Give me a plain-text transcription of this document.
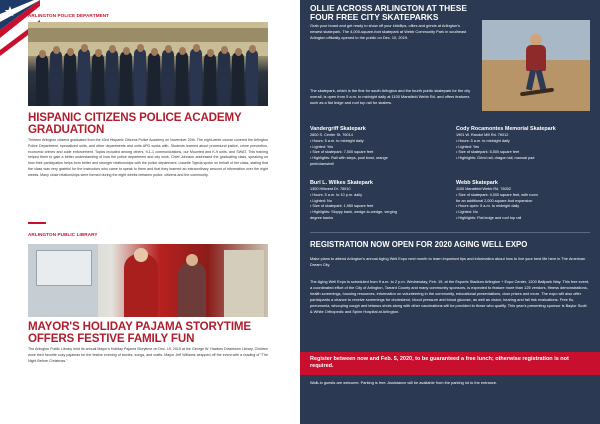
ARLINGTON POLICE DEPARTMENT
HISPANIC CITIZENS POLICE ACADEMY
GRADUATION
Thirteen Arlington citizens graduated from the 43rd Hispanic Citizens Police Academy on November 20th. The eight-week course covered the Arlington Police Department, specialized units, and other departments and units APD works with. Students learned about procedural justice, crime prevention, economic crimes and code enforcement. Topics included among others, 9-1-1 communications, our Mounted and K-9 units, and SWAT. This training helped them to gain a better understanding of how the police department and city work. Chief Johnson addressed the graduating class, speaking on how their participation helps form better and stronger relationships with the police department. Lissette Tajeda spoke on behalf of her class, stating that the class was very grateful for the instructors who came to speak to them and that they learned an extraordinary amount of information over the eight weeks. Many close relationships were formed during the eight weeks between police, citizens and the community.
ARLINGTON PUBLIC LIBRARY
MAYOR'S HOLIDAY PAJAMA STORYTIME
OFFERS FESTIVE FAMILY FUN
The Arlington Public Library held its annual Mayor's Holiday Pajama Storytime on Dec. 19, 2019 at the George W. Hawkes Downtown Library. Children wore their favorite cozy pajamas for the festive evening of stories, songs, and crafts. Mayor Jeff Williams wrapped off the event with a reading of "The Night Before Christmas."
OLLIE ACROSS ARLINGTON AT THESE
FOUR FREE CITY SKATEPARKS
Grab your board and get ready to show off your kickflips, ollies and grinds at Arlington's newest skatepark. The 4,000-square-foot skatepark at Webb Community Park in southeast Arlington officially opened to the public on Dec. 10, 2019.
The skatepark, which is the first for south Arlington and the fourth public skatepark for the city overall, is open from 5 a.m. to midnight daily at 1100 Mansfield Webb Rd. and offers features such as a flat ledge and roof top rail for skaters.
Vandergriff Skatepark
2800 S. Center St. 76014
• Hours: 5 a.m. to midnight daily
• Lighted: Yes
• Size of skatepark: 7,500 square feet
• Highlights: Rail with steps, pool bowl, orange
peel/clamshell
Cody Rocamontes Memorial Skatepark
1901 W. Randol Mill Rd. 76012
• Hours: 5 a.m. to midnight daily
• Lighted: Yes
• Size of skatepark: 5,500 square feet
• Highlights: Grind rail, dragon tail, manual pad
Burl L. Wilkes Skatepark
1300 Hillcrest Dr. 76010
• Hours: 5 a.m. to 10 p.m. daily
• Lighted: No
• Size of skatepark: 1,960 square feet
• Highlights: Sloppy bank, wedge-to-wedge, verging
degree banks
Webb Skatepark
1100 Mansfield Webb Rd. 76002
• Size of skatepark: 4,000 square feet, with room
for an additional 2,000-square-foot expansion
• Hours open: 5 a.m. to midnight daily
• Lighted: No
• Highlights: Flat ledge and roof top rail
REGISTRATION NOW OPEN FOR 2020 AGING WELL EXPO
Make plans to attend Arlington's annual Aging Well Expo next month to learn important tips and information about how to live your best life here in The American Dream City.
The Aging Well Expo is scheduled from 9 a.m. to 2 p.m. Wednesday, Feb. 19, at the Esports Stadium Arlington + Expo Center, 1200 Ballpark Way. This free event, a coordinated effort of the City of Arlington, Tarrant County and many community sponsors, is expected to feature more than 125 vendors, fitness demonstrations, health screenings, housing resources, information on volunteering in the community, educational presentations, door prizes and more. The expo will also offer participants a chance to receive screenings for cholesterol, blood pressure and blood glucose, as well as vision, hearing and fall risk evaluations. Free flu, pneumonia, whooping cough and tetanus shots along with other vaccinations will be provided to those who qualify. This year's presenting sponsor is Baylor Scott & White Orthopedic and Spine Hospital at Arlington.
Register between now and Feb. 5, 2020, to be guaranteed a free lunch; otherwise registration is not required.
Walk-in guests are welcome. Parking is free. Assistance will be available from the parking lot to the entrance.
